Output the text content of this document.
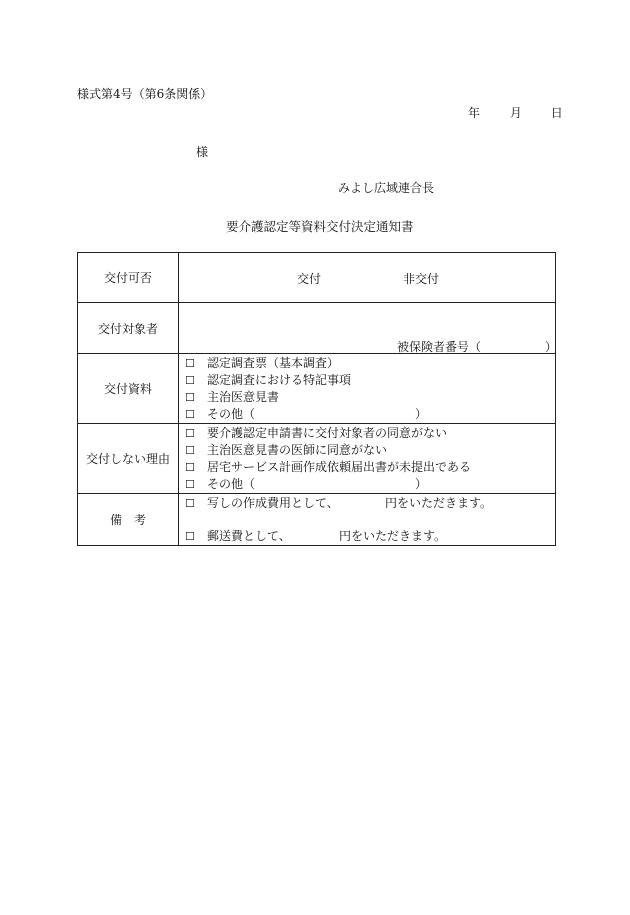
様式第4号（第6条関係）
年 月 日
様
みよし広域連合長
要介護認定等資料交付決定通知書
交付可否	交付 非交付

交付対象者	被保険者番号（ ）

交付資料	☐ 認定調査票（基本調査）
☐ 認定調査における特記事項
☐ 主治医意見書
☐ その他（ ）

交付しない理由	☐ 要介護認定申請書に交付対象者の同意がない
☐ 主治医意見書の医師に同意がない
☐ 居宅サービス計画作成依頼届出書が未提出である
☐ その他（ ）

備　考	☐ 写しの作成費用として、 円をいただきます。
☐ 郵送費として、 円をいただきます。
